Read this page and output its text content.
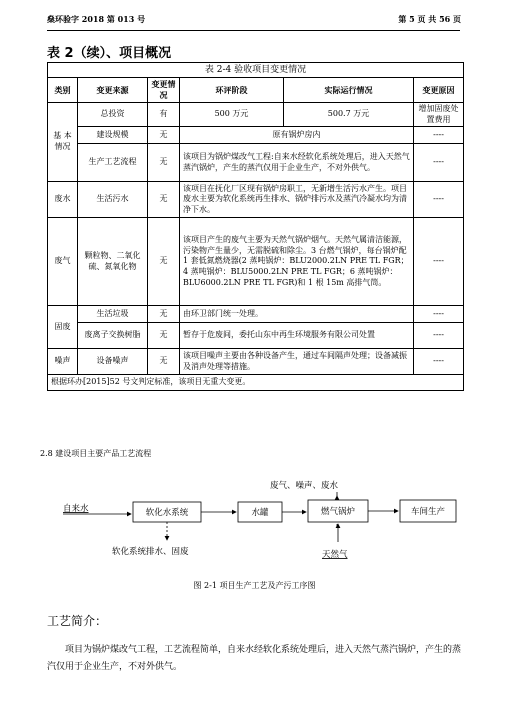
燊环验字 2018 第 013 号	第 5 页 共 56 页
表 2（续）、项目概况
表 2-4 验收项目变更情况					
类别	变更来源	变更情况	环评阶段	实际运行情况	变更原因
基 本 情况	总投资	有	500 万元	500.7 万元	增加固废处置费用
	建设规模	无	原有锅炉房内		----
	生产工艺流程	无	该项目为锅炉煤改气工程:自来水经软化系统处理后，进入天然气蒸汽锅炉，产生的蒸汽仅用于企业生产，不对外供气。		----
废水	生活污水	无	该项目在抚化厂区现有锅炉房职工，无新增生活污水产生。项目废水主要为软化系统再生排水、锅炉排污水及蒸汽冷凝水均为清净下水。		----
废气	颗粒物、二氧化硫、氮氧化物	无	该项目产生的废气主要为天然气锅炉烟气。天然气属清洁能源，污染物产生量少，无需脱硫和除尘。3 台燃气锅炉，每台锅炉配 1 套低氮燃烧器(2 蒸吨锅炉：BLU2000.2LN PRE TL FGR；4 蒸吨锅炉：BLU5000.2LN PRE TL FGR；6 蒸吨锅炉：BLU6000.2LN PRE TL FGR)和 1 根 15m 高排气筒。		----
固废	生活垃圾	无	由环卫部门统一处理。		----
	废离子交换树脂	无	暂存于危废间，委托山东中再生环境服务有限公司处置		----
噪声	设备噪声	无	该项目噪声主要由各种设备产生，通过车间隔声处理；设备减振及消声处理等措施。		----
根据环办[2015]52 号文判定标准，该项目无重大变更。					
2.8 建设项目主要产品工艺流程
废气、噪声、废水
自来水	软化水系统	水罐	燃气锅炉	车间生产
软化系统排水、固废	天然气
图 2-1 项目生产工艺及产污工序图
工艺简介：
项目为锅炉煤改气工程，工艺流程简单，自来水经软化系统处理后，进入天然气蒸汽锅炉，产生的蒸汽仅用于企业生产，不对外供气。
